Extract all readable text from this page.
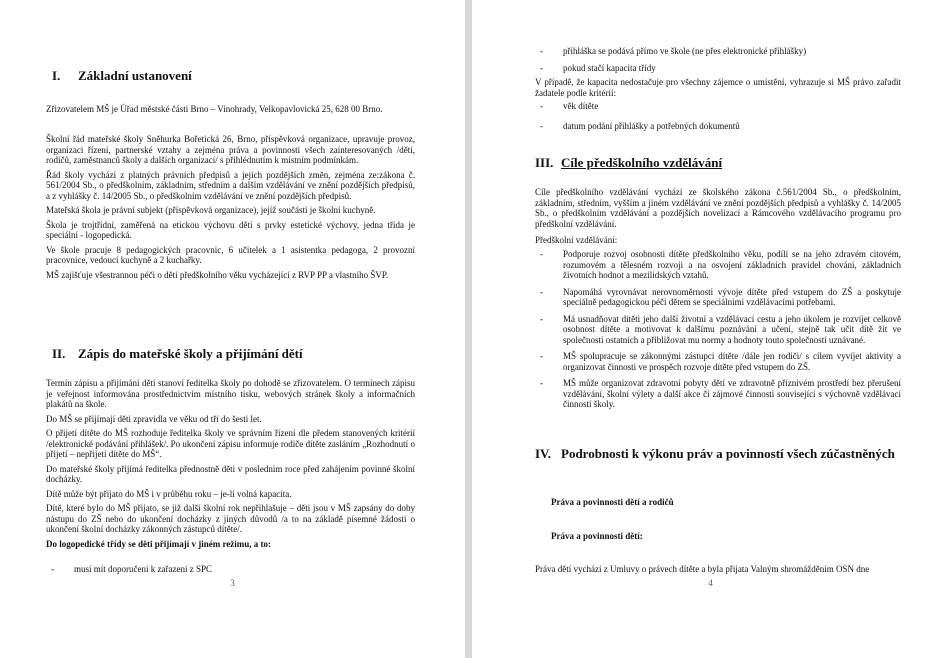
I.	Základní ustanovení

Zřizovatelem MŠ je Úřad městské části Brno – Vinohrady, Velkopavlovická 25, 628 00 Brno.

Školní řád mateřské školy Sněhurka Bořetická 26, Brno, příspěvková organizace, upravuje provoz, organizaci řízení, partnerské vztahy a zejména práva a povinnosti všech zainteresovaných /dětí, rodičů, zaměstnanců školy a dalších organizací/ s přihlédnutím k místním podmínkám.
Řád školy vychází z platných právních předpisů a jejích pozdějších změn, zejména ze:zákona č. 561/2004 Sb., o předškolním, základním, středním a dalším vzdělávání ve znění pozdějších předpisů, a z vyhlášky č. 14/2005 Sb., o předškolním vzdělávání ve znění pozdějších předpisů.
Mateřská škola je právní subjekt (příspěvková organizace), jejíž součástí je školní kuchyně.
Škola je trojtřídní, zaměřená na etickou výchovu dětí s prvky estetické výchovy, jedna třída je speciální - logopedická.
Ve škole pracuje 8 pedagogických pracovnic, 6 učitelek a 1 asistentka pedagoga, 2 provozní pracovnice, vedoucí kuchyně a 2 kuchařky.
MŠ zajišťuje všestrannou péči o děti předškolního věku vycházející z RVP PP a vlastního ŠVP.
II. Zápis do mateřské školy a přijímání dětí
Termín zápisu a přijímání dětí stanoví ředitelka školy po dohodě se zřizovatelem. O termínech zápisu je veřejnost informována prostřednictvím místního tisku, webových stránek školy a informačních plakátů na škole.
Do MŠ se přijímají děti zpravidla ve věku od tří do šesti let.
O přijetí dítěte do MŠ rozhoduje ředitelka školy ve správním řízení dle předem stanovených kritérií /elektronické podávání přihlášek/. Po ukončení zápisu informuje rodiče dítěte zasláním „Rozhodnutí o přijetí – nepřijetí dítěte do MŠ“.
Do mateřské školy přijímá ředitelka přednostně děti v posledním roce před zahájením povinné školní docházky.
Dítě může být přijato do MŠ i v průběhu roku – je-li volná kapacita.
Dítě, které bylo do MŠ přijato, se již další školní rok nepřihlašuje – děti jsou v MŠ zapsány do doby nástupu do ZŠ nebo do ukončení docházky z jiných důvodů /a to na základě písemné žádosti o ukončení školní docházky zákonných zástupců dítěte/.
Do logopedické třídy se děti přijímají v jiném režimu, a to:
- musí mít doporučení k zařazení z SPC
3
- přihláška se podává přímo ve škole (ne přes elektronické přihlášky)
- pokud stačí kapacita třídy

V případě, že kapacita nedostačuje pro všechny zájemce o umístění, vyhrazuje si MŠ právo zařadit žadatele podle kritérií:

- věk dítěte
- datum podání přihlášky a potřebných dokumentů
III. Cíle předškolního vzdělávání

Cíle předškolního vzdělávání vychází ze školského zákona č.561/2004 Sb., o předškolním, základním, středním, vyšším a jiném vzdělávání ve znění pozdějších předpisů a vyhlášky č. 14/2005 Sb., o předškolním vzdělávání a pozdějších novelizací a Rámcového vzdělávacího programu pro předškolní vzdělávání.

Předškolní vzdělávání:

- Podporuje rozvoj osobnosti dítěte předškolního věku, podílí se na jeho zdravém citovém, rozumovém a tělesném rozvoji a na osvojení základních pravidel chování, základních životních hodnot a mezilidských vztahů.
- Napomáhá vyrovnávat nerovnoměrnosti vývoje dítěte před vstupem do ZŠ a poskytuje speciálně pedagogickou péči dětem se speciálními vzdělávacími potřebami.
- Má usnadňovat dítěti jeho další životní a vzdělávací cestu a jeho úkolem je rozvíjet celkově osobnost dítěte a motivovat k dalšímu poznávání a učení, stejně tak učit dítě žít ve společnosti ostatních a přibližovat mu normy a hodnoty touto společností uznávané.
- MŠ spolupracuje se zákonnými zástupci dítěte /dále jen rodiči/ s cílem vyvíjet aktivity a organizovat činnosti ve prospěch rozvoje dítěte před vstupem do ZŠ.
- MŠ může organizovat zdravotní pobyty dětí ve zdravotně příznivém prostředí bez přerušení vzdělávání, školní výlety a další akce či zájmové činnosti související s výchovně vzdělávací činností školy.
IV. Podrobnosti k výkonu práv a povinností všech zúčastněných

Práva a povinnosti dětí a rodičů

Práva a povinnosti dětí:

Práva dětí vychází z Umluvy o právech dítěte a byla přijata Valným shromážděním OSN dne

4
